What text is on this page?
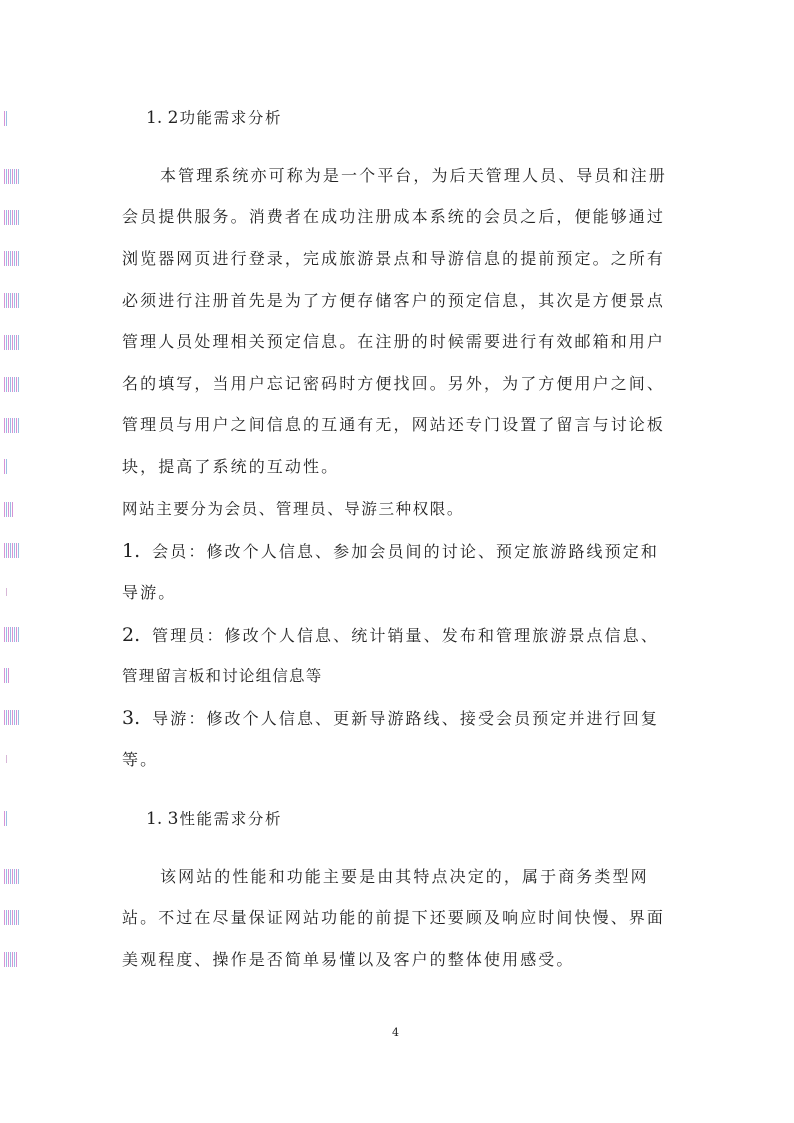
1. 2功能需求分析
本管理系统亦可称为是一个平台，为后天管理人员、导员和注册
会员提供服务。消费者在成功注册成本系统的会员之后，便能够通过
浏览器网页进行登录，完成旅游景点和导游信息的提前预定。之所有
必须进行注册首先是为了方便存储客户的预定信息，其次是方便景点
管理人员处理相关预定信息。在注册的时候需要进行有效邮箱和用户
名的填写，当用户忘记密码时方便找回。另外，为了方便用户之间、
管理员与用户之间信息的互通有无，网站还专门设置了留言与讨论板
块，提高了系统的互动性。
网站主要分为会员、管理员、导游三种权限。
1. 会员：修改个人信息、参加会员间的讨论、预定旅游路线预定和
导游。
2. 管理员：修改个人信息、统计销量、发布和管理旅游景点信息、
管理留言板和讨论组信息等
3. 导游：修改个人信息、更新导游路线、接受会员预定并进行回复
等。
1. 3性能需求分析
该网站的性能和功能主要是由其特点决定的，属于商务类型网
站。不过在尽量保证网站功能的前提下还要顾及响应时间快慢、界面
美观程度、操作是否简单易懂以及客户的整体使用感受。
4
